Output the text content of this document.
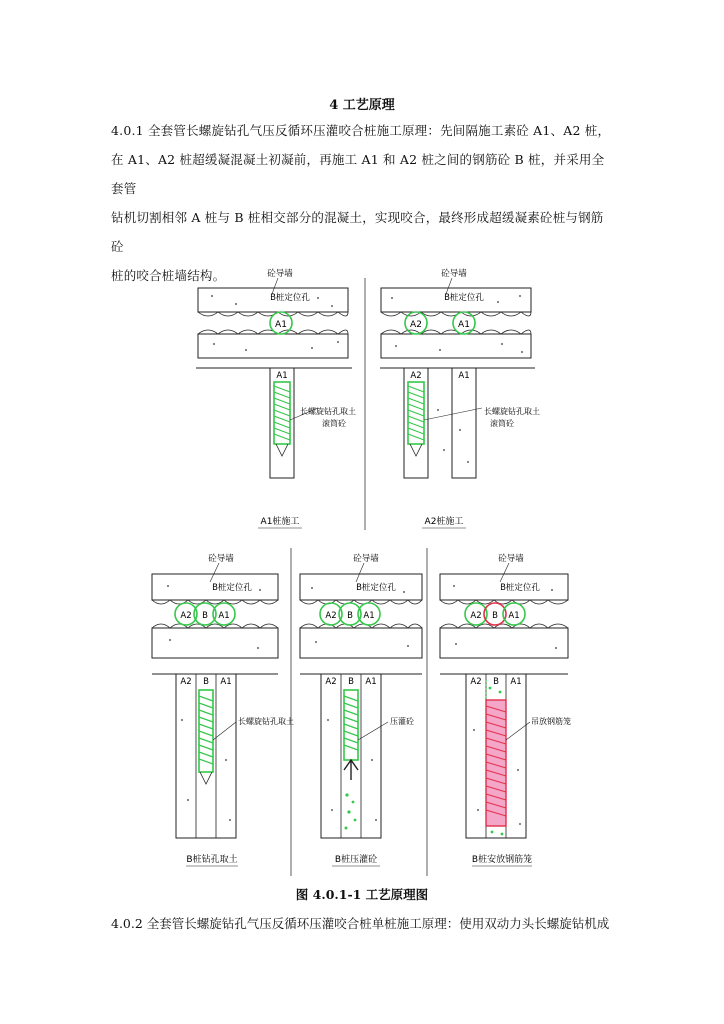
4 工艺原理
4.0.1 全套管长螺旋钻孔气压反循环压灌咬合桩施工原理：先间隔施工素砼 A1、A2 桩，
在 A1、A2 桩超缓凝混凝土初凝前，再施工 A1 和 A2 桩之间的钢筋砼 B 桩，并采用全套管
钻机切割相邻 A 桩与 B 桩相交部分的混凝土，实现咬合，最终形成超缓凝素砼桩与钢筋砼
桩的咬合桩墙结构。
A1
砼导墙
B桩定位孔
A1
长螺旋钻孔取土
滚筒砼
A1桩施工
A2	A1
砼导墙
B桩定位孔
A2	A1
长螺旋钻孔取土
滚筒砼
A2桩施工
A2 B A1
砼导墙
B桩定位孔
A2 B A1
长螺旋钻孔取土
B桩钻孔取土
A2 B A1
砼导墙
B桩定位孔
A2 B A1
压灌砼
B桩压灌砼
A2 B A1
砼导墙
B桩定位孔
A2 B A1
吊放钢筋笼
B桩安放钢筋笼
图 4.0.1-1 工艺原理图
4.0.2 全套管长螺旋钻孔气压反循环压灌咬合桩单桩施工原理：使用双动力头长螺旋钻机成
